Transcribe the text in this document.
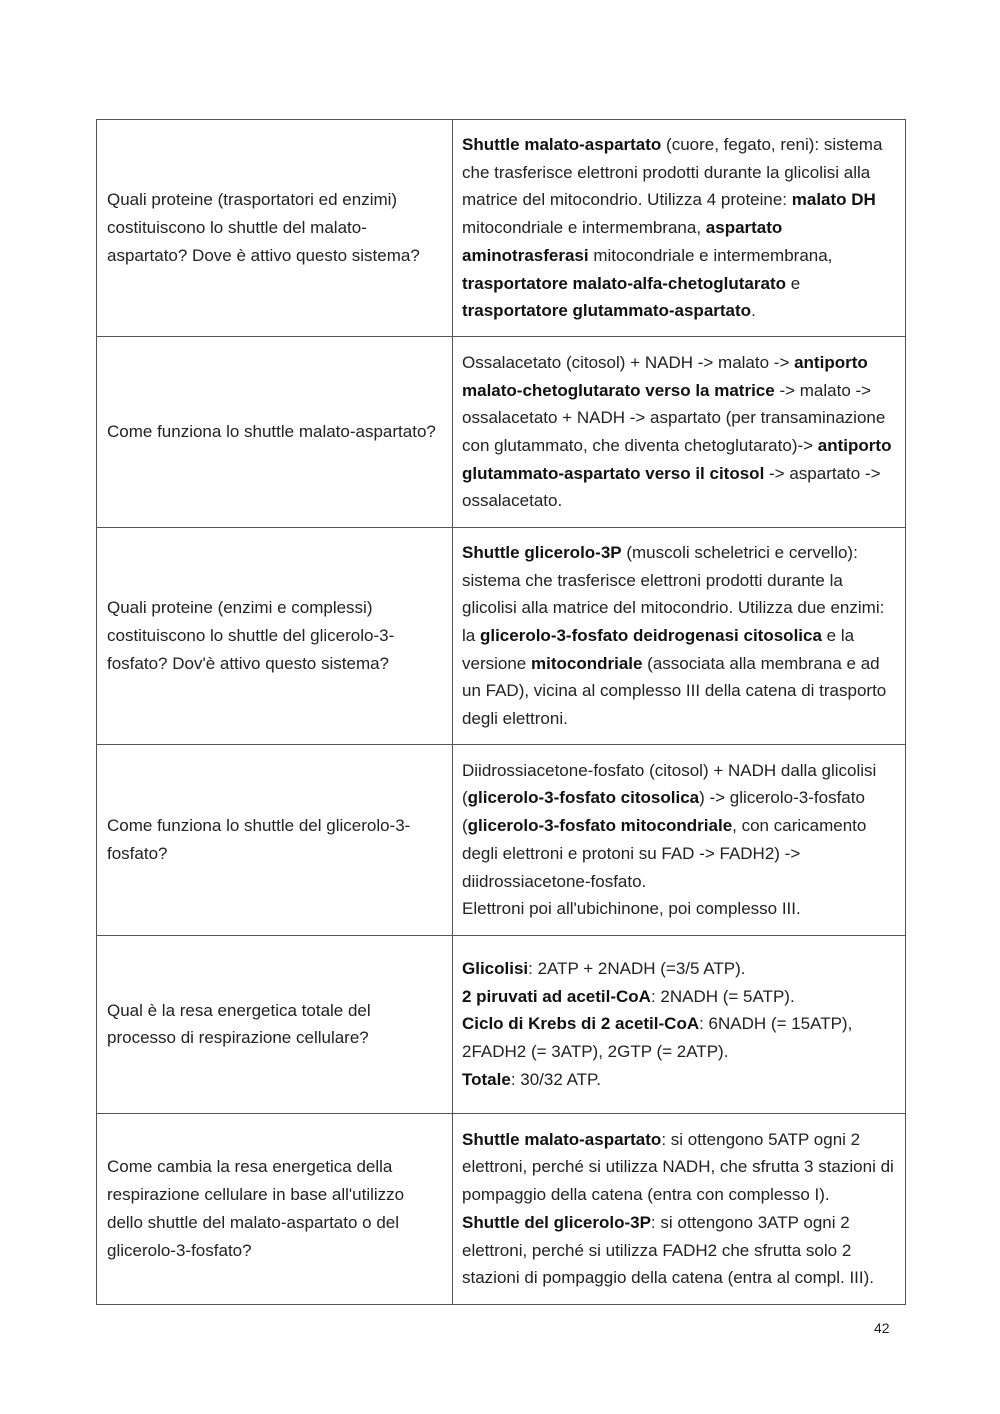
Quali proteine (trasportatori ed enzimi) costituiscono lo shuttle del malato-aspartato? Dove è attivo questo sistema?	Shuttle malato-aspartato (cuore, fegato, reni): sistema che trasferisce elettroni prodotti durante la glicolisi alla matrice del mitocondrio. Utilizza 4 proteine: malato DH mitocondriale e intermembrana, aspartato aminotrasferasi mitocondriale e intermembrana, trasportatore malato-alfa-chetoglutarato e trasportatore glutammato-aspartato.

Come funziona lo shuttle malato-aspartato?	Ossalacetato (citosol) + NADH -> malato -> antiporto malato-chetoglutarato verso la matrice -> malato -> ossalacetato + NADH -> aspartato (per transaminazione con glutammato, che diventa chetoglutarato)-> antiporto glutammato-aspartato verso il citosol -> aspartato -> ossalacetato.

Quali proteine (enzimi e complessi) costituiscono lo shuttle del glicerolo-3-fosfato? Dov'è attivo questo sistema?	Shuttle glicerolo-3P (muscoli scheletrici e cervello): sistema che trasferisce elettroni prodotti durante la glicolisi alla matrice del mitocondrio. Utilizza due enzimi: la glicerolo-3-fosfato deidrogenasi citosolica e la versione mitocondriale (associata alla membrana e ad un FAD), vicina al complesso III della catena di trasporto degli elettroni.

Come funziona lo shuttle del glicerolo-3-fosfato?	Diidrossiacetone-fosfato (citosol) + NADH dalla glicolisi (glicerolo-3-fosfato citosolica) -> glicerolo-3-fosfato (glicerolo-3-fosfato mitocondriale, con caricamento degli elettroni e protoni su FAD -> FADH2) -> diidrossiacetone-fosfato.
Elettroni poi all'ubichinone, poi complesso III.

Qual è la resa energetica totale del processo di respirazione cellulare?	Glicolisi: 2ATP + 2NADH (=3/5 ATP).
2 piruvati ad acetil-CoA: 2NADH (= 5ATP).
Ciclo di Krebs di 2 acetil-CoA: 6NADH (= 15ATP), 2FADH2 (= 3ATP), 2GTP (= 2ATP).
Totale: 30/32 ATP.

Come cambia la resa energetica della respirazione cellulare in base all'utilizzo dello shuttle del malato-aspartato o del glicerolo-3-fosfato?	Shuttle malato-aspartato: si ottengono 5ATP ogni 2 elettroni, perché si utilizza NADH, che sfrutta 3 stazioni di pompaggio della catena (entra con complesso I).
Shuttle del glicerolo-3P: si ottengono 3ATP ogni 2 elettroni, perché si utilizza FADH2 che sfrutta solo 2 stazioni di pompaggio della catena (entra al compl. III).
42
